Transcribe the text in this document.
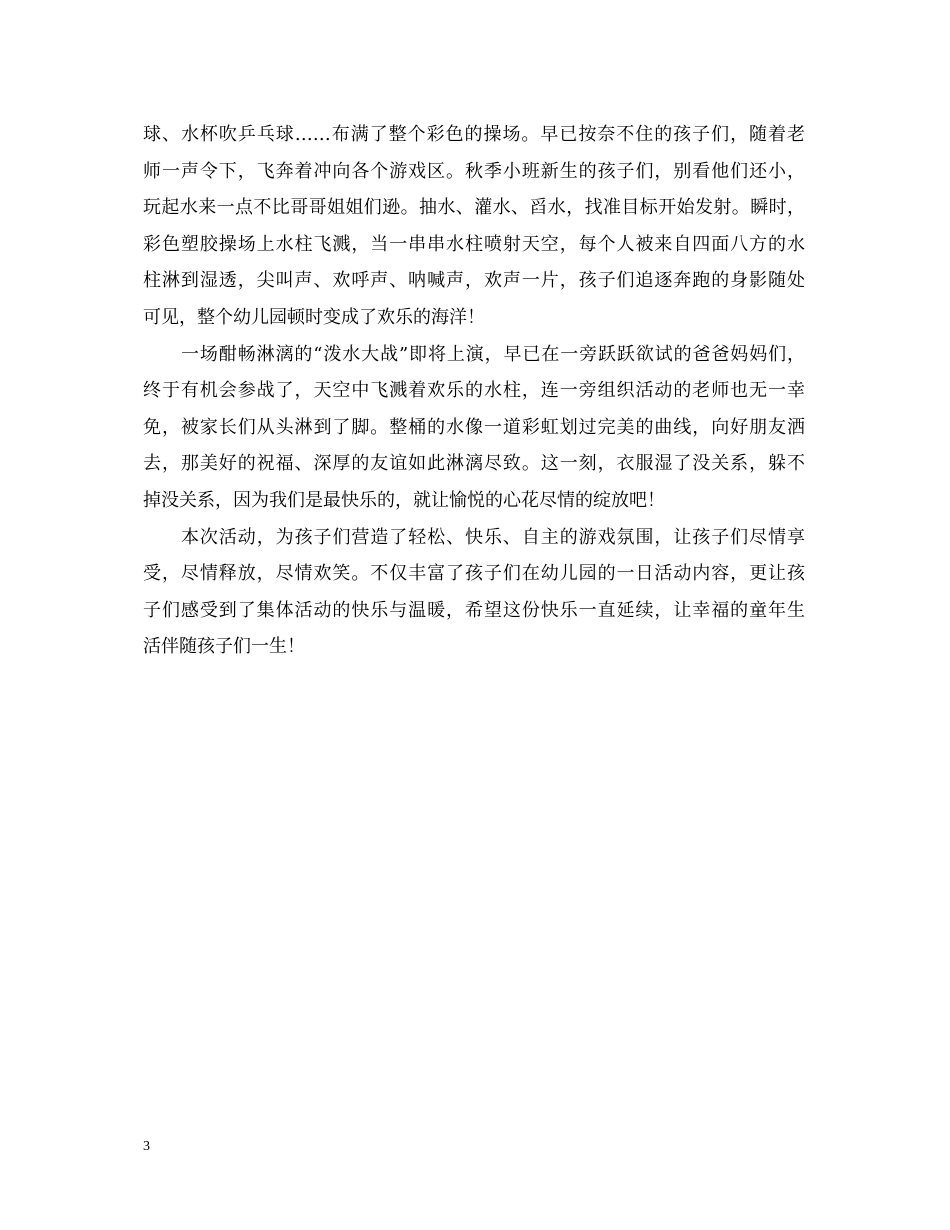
球、水杯吹乒乓球……布满了整个彩色的操场。早已按奈不住的孩子们，随着老
师一声令下，飞奔着冲向各个游戏区。秋季小班新生的孩子们，别看他们还小，
玩起水来一点不比哥哥姐姐们逊。抽水、灌水、舀水，找准目标开始发射。瞬时，
彩色塑胶操场上水柱飞溅，当一串串水柱喷射天空，每个人被来自四面八方的水
柱淋到湿透，尖叫声、欢呼声、呐喊声，欢声一片，孩子们追逐奔跑的身影随处
可见，整个幼儿园顿时变成了欢乐的海洋！
一场酣畅淋漓的“泼水大战”即将上演，早已在一旁跃跃欲试的爸爸妈妈们，
终于有机会参战了，天空中飞溅着欢乐的水柱，连一旁组织活动的老师也无一幸
免，被家长们从头淋到了脚。整桶的水像一道彩虹划过完美的曲线，向好朋友洒
去，那美好的祝福、深厚的友谊如此淋漓尽致。这一刻，衣服湿了没关系，躲不
掉没关系，因为我们是最快乐的，就让愉悦的心花尽情的绽放吧！
本次活动，为孩子们营造了轻松、快乐、自主的游戏氛围，让孩子们尽情享
受，尽情释放，尽情欢笑。不仅丰富了孩子们在幼儿园的一日活动内容，更让孩
子们感受到了集体活动的快乐与温暖，希望这份快乐一直延续，让幸福的童年生
活伴随孩子们一生！
3
